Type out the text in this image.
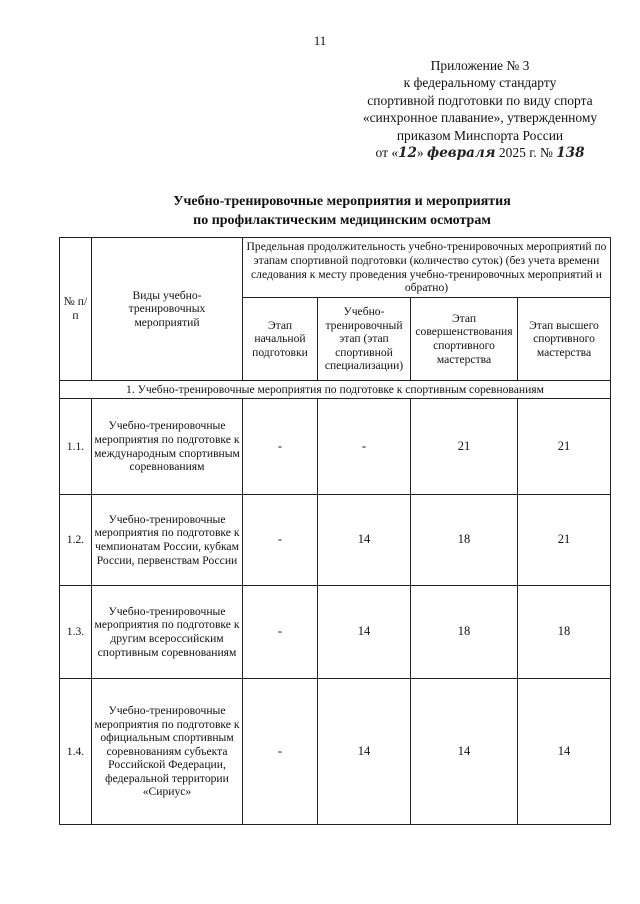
11
Приложение № 3
к федеральному стандарту
спортивной подготовки по виду спорта
«синхронное плавание», утвержденному
приказом Минспорта России
от «12» февраля 2025 г. № 138
Учебно-тренировочные мероприятия и мероприятия
по профилактическим медицинским осмотрам
№ п/п	Виды учебно-тренировочных мероприятий	Предельная продолжительность учебно-тренировочных мероприятий по этапам спортивной подготовки (количество суток) (без учета времени следования к месту проведения учебно-тренировочных мероприятий и обратно)			
		Этап начальной подготовки	Учебно-тренировочный этап (этап спортивной специализации)	Этап совершенствования спортивного мастерства	Этап высшего спортивного мастерства
1. Учебно-тренировочные мероприятия по подготовке к спортивным соревнованиям					
1.1.	Учебно-тренировочные мероприятия по подготовке к международным спортивным соревнованиям	-	-	21	21
1.2.	Учебно-тренировочные мероприятия по подготовке к чемпионатам России, кубкам России, первенствам России	-	14	18	21
1.3.	Учебно-тренировочные мероприятия по подготовке к другим всероссийским спортивным соревнованиям	-	14	18	18
1.4.	Учебно-тренировочные мероприятия по подготовке к официальным спортивным соревнованиям субъекта Российской Федерации, федеральной территории «Сириус»	-	14	14	14
